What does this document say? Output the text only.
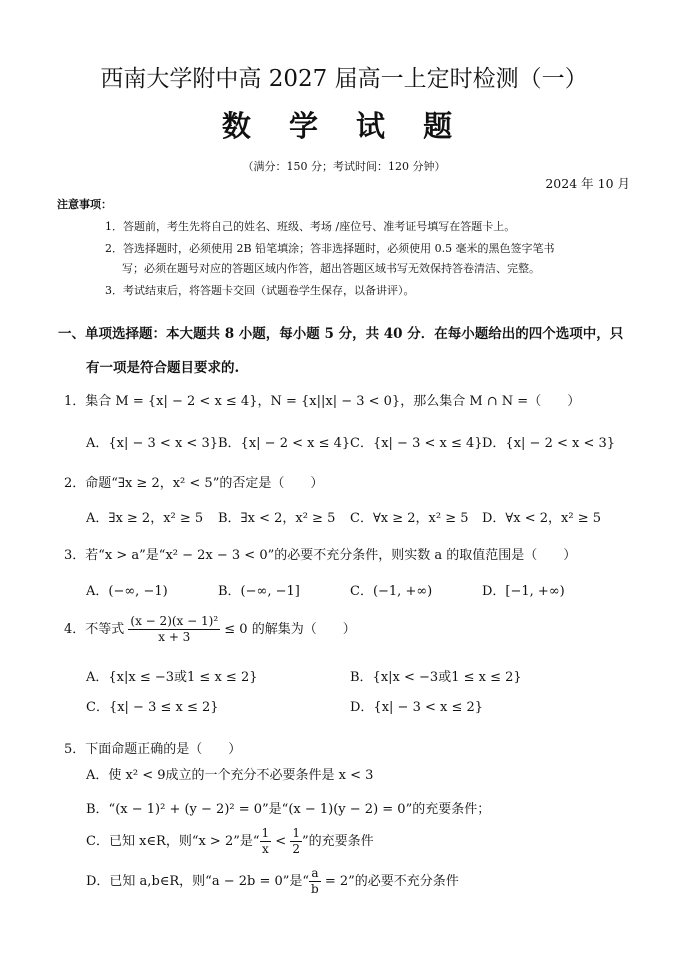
西南大学附中高 2027 届高一上定时检测（一）
数 学 试 题
（满分：150 分；考试时间：120 分钟）
2024 年 10 月
注意事项：
1．答题前，考生先将自己的姓名、班级、考场 /座位号、准考证号填写在答题卡上。
2．答选择题时，必须使用 2B 铅笔填涂；答非选择题时，必须使用 0.5 毫米的黑色签字笔书
写；必须在题号对应的答题区域内作答，超出答题区域书写无效保持答卷清洁、完整。
3．考试结束后，将答题卡交回（试题卷学生保存，以备讲评）。
一、单项选择题：本大题共 8 小题，每小题 5 分，共 40 分．在每小题给出的四个选项中，只
有一项是符合题目要求的.
1．集合 M = {x| − 2 < x ≤ 4}，N = {x||x| − 3 < 0}，那么集合 M ∩ N =（　　）
A．{x| − 3 < x < 3} B．{x| − 2 < x ≤ 4} C．{x| − 3 < x ≤ 4} D．{x| − 2 < x < 3}
2．命题“∃x ≥ 2，x² < 5”的否定是（　　）
A．∃x ≥ 2，x² ≥ 5 B．∃x < 2，x² ≥ 5 C．∀x ≥ 2，x² ≥ 5 D．∀x < 2，x² ≥ 5
3．若“x > a”是“x² − 2x − 3 < 0”的必要不充分条件，则实数 a 的取值范围是（　　）
A．(−∞, −1)	B．(−∞, −1]	C．(−1, +∞)	D．[−1, +∞)
4．不等式 $\frac{\text{(x − 2)(x − 1)²}}{x + 3} \le 0$ 的解集为（　　）
A．{x|x ≤ −3或1 ≤ x ≤ 2}	B．{x|x < −3或1 ≤ x ≤ 2}
C．{x| − 3 ≤ x ≤ 2}	D．{x| − 3 < x ≤ 2}
5．下面命题正确的是（　　）
A．使 x² < 9成立的一个充分不必要条件是 x < 3
B．“(x − 1)² + (y − 2)² = 0”是“(x − 1)(y − 2) = 0”的充要条件；
C．已知 x∈R，则“x > 2”是“ $\frac{1}{x} < \frac{1}{2}$ ”的充要条件
D．已知 a,b∈R，则“a − 2b = 0”是“ $\frac{a}{b} = 2$”的必要不充分条件
